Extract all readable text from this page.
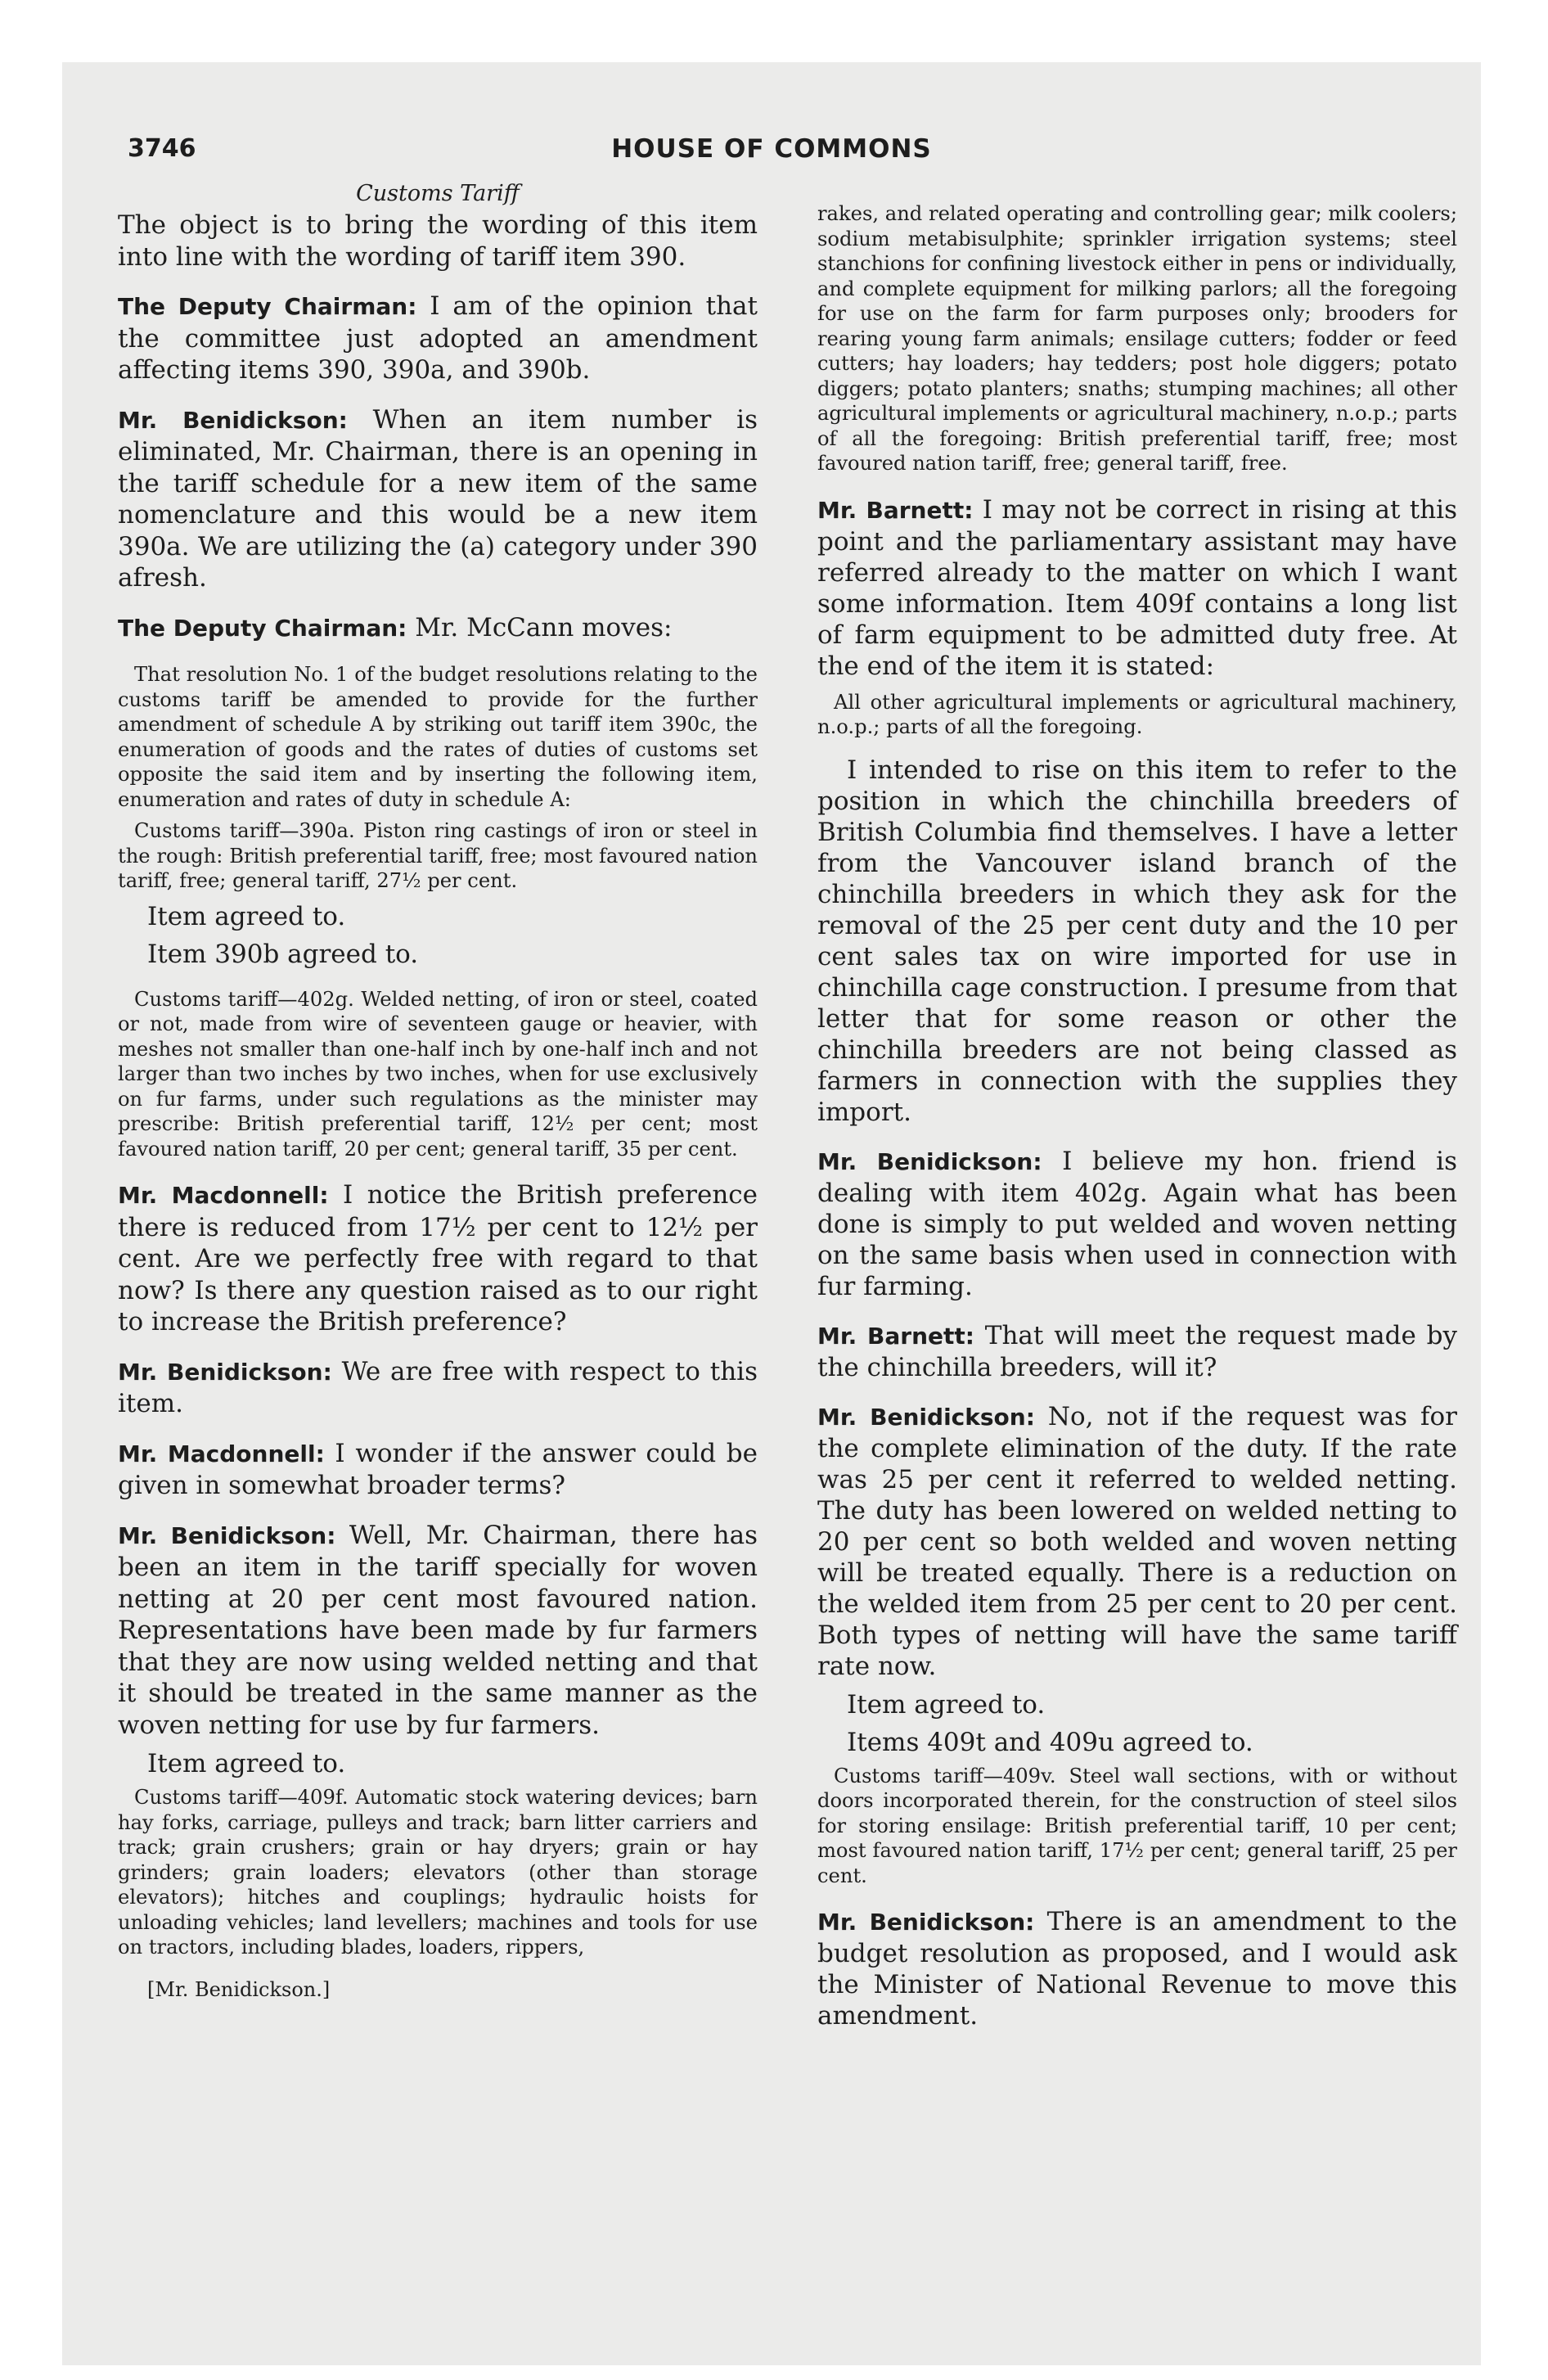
3746	HOUSE OF COMMONS
Customs Tariff

The object is to bring the wording of this item into line with the wording of tariff item 390.

The Deputy Chairman: I am of the opinion that the committee just adopted an amendment affecting items 390, 390a, and 390b.

Mr. Benidickson: When an item number is eliminated, Mr. Chairman, there is an opening in the tariff schedule for a new item of the same nomenclature and this would be a new item 390a. We are utilizing the (a) category under 390 afresh.

The Deputy Chairman: Mr. McCann moves:

That resolution No. 1 of the budget resolutions relating to the customs tariff be amended to provide for the further amendment of schedule A by striking out tariff item 390c, the enumeration of goods and the rates of duties of customs set opposite the said item and by inserting the following item, enumeration and rates of duty in schedule A:

Customs tariff—390a. Piston ring castings of iron or steel in the rough: British preferential tariff, free; most favoured nation tariff, free; general tariff, 27½ per cent.

Item agreed to.

Item 390b agreed to.

Customs tariff—402g. Welded netting, of iron or steel, coated or not, made from wire of seventeen gauge or heavier, with meshes not smaller than one-half inch by one-half inch and not larger than two inches by two inches, when for use exclusively on fur farms, under such regulations as the minister may prescribe: British preferential tariff, 12½ per cent; most favoured nation tariff, 20 per cent; general tariff, 35 per cent.

Mr. Macdonnell: I notice the British preference there is reduced from 17½ per cent to 12½ per cent. Are we perfectly free with regard to that now? Is there any question raised as to our right to increase the British preference?

Mr. Benidickson: We are free with respect to this item.

Mr. Macdonnell: I wonder if the answer could be given in somewhat broader terms?

Mr. Benidickson: Well, Mr. Chairman, there has been an item in the tariff specially for woven netting at 20 per cent most favoured nation. Representations have been made by fur farmers that they are now using welded netting and that it should be treated in the same manner as the woven netting for use by fur farmers.

Item agreed to.

Customs tariff—409f. Automatic stock watering devices; barn hay forks, carriage, pulleys and track; barn litter carriers and track; grain crushers; grain or hay dryers; grain or hay grinders; grain loaders; elevators (other than storage elevators); hitches and couplings; hydraulic hoists for unloading vehicles; land levellers; machines and tools for use on tractors, including blades, loaders, rippers,

[Mr. Benidickson.]

rakes, and related operating and controlling gear; milk coolers; sodium metabisulphite; sprinkler irrigation systems; steel stanchions for confining livestock either in pens or individually, and complete equipment for milking parlors; all the foregoing for use on the farm for farm purposes only; brooders for rearing young farm animals; ensilage cutters; fodder or feed cutters; hay loaders; hay tedders; post hole diggers; potato diggers; potato planters; snaths; stumping machines; all other agricultural implements or agricultural machinery, n.o.p.; parts of all the foregoing: British preferential tariff, free; most favoured nation tariff, free; general tariff, free.

Mr. Barnett: I may not be correct in rising at this point and the parliamentary assistant may have referred already to the matter on which I want some information. Item 409f contains a long list of farm equipment to be admitted duty free. At the end of the item it is stated:

All other agricultural implements or agricultural machinery, n.o.p.; parts of all the foregoing.

I intended to rise on this item to refer to the position in which the chinchilla breeders of British Columbia find themselves. I have a letter from the Vancouver island branch of the chinchilla breeders in which they ask for the removal of the 25 per cent duty and the 10 per cent sales tax on wire imported for use in chinchilla cage construction. I presume from that letter that for some reason or other the chinchilla breeders are not being classed as farmers in connection with the supplies they import.

Mr. Benidickson: I believe my hon. friend is dealing with item 402g. Again what has been done is simply to put welded and woven netting on the same basis when used in connection with fur farming.

Mr. Barnett: That will meet the request made by the chinchilla breeders, will it?

Mr. Benidickson: No, not if the request was for the complete elimination of the duty. If the rate was 25 per cent it referred to welded netting. The duty has been lowered on welded netting to 20 per cent so both welded and woven netting will be treated equally. There is a reduction on the welded item from 25 per cent to 20 per cent. Both types of netting will have the same tariff rate now.

Item agreed to.

Items 409t and 409u agreed to.

Customs tariff—409v. Steel wall sections, with or without doors incorporated therein, for the construction of steel silos for storing ensilage: British preferential tariff, 10 per cent; most favoured nation tariff, 17½ per cent; general tariff, 25 per cent.

Mr. Benidickson: There is an amendment to the budget resolution as proposed, and I would ask the Minister of National Revenue to move this amendment.
